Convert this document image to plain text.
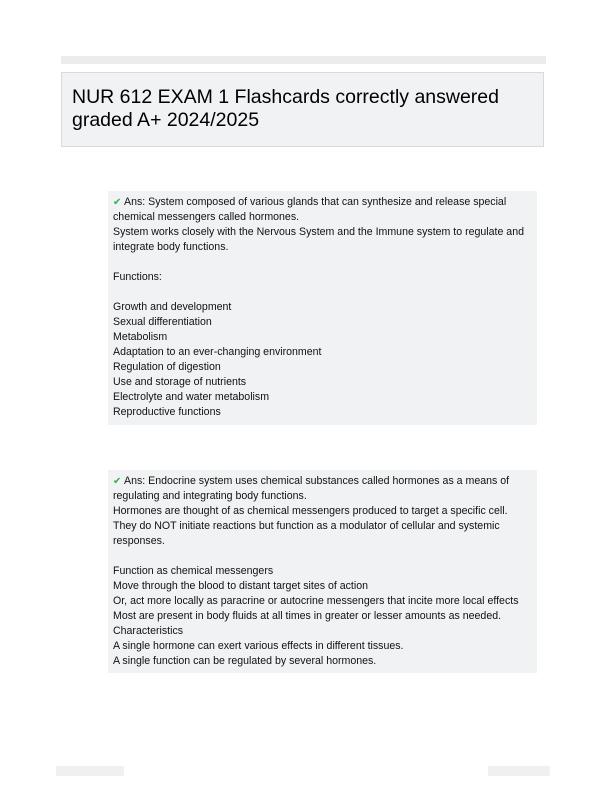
NUR 612 EXAM 1 Flashcards correctly answered graded A+ 2024/2025
✔ Ans: System composed of various glands that can synthesize and release special
chemical messengers called hormones.
System works closely with the Nervous System and the Immune system to regulate and
integrate body functions.
Functions:
Growth and development
Sexual differentiation
Metabolism
Adaptation to an ever-changing environment
Regulation of digestion
Use and storage of nutrients
Electrolyte and water metabolism
Reproductive functions
✔ Ans: Endocrine system uses chemical substances called hormones as a means of
regulating and integrating body functions.
Hormones are thought of as chemical messengers produced to target a specific cell.
They do NOT initiate reactions but function as a modulator of cellular and systemic
responses.
Function as chemical messengers
Move through the blood to distant target sites of action
Or, act more locally as paracrine or autocrine messengers that incite more local effects
Most are present in body fluids at all times in greater or lesser amounts as needed.
Characteristics
A single hormone can exert various effects in different tissues.
A single function can be regulated by several hormones.
